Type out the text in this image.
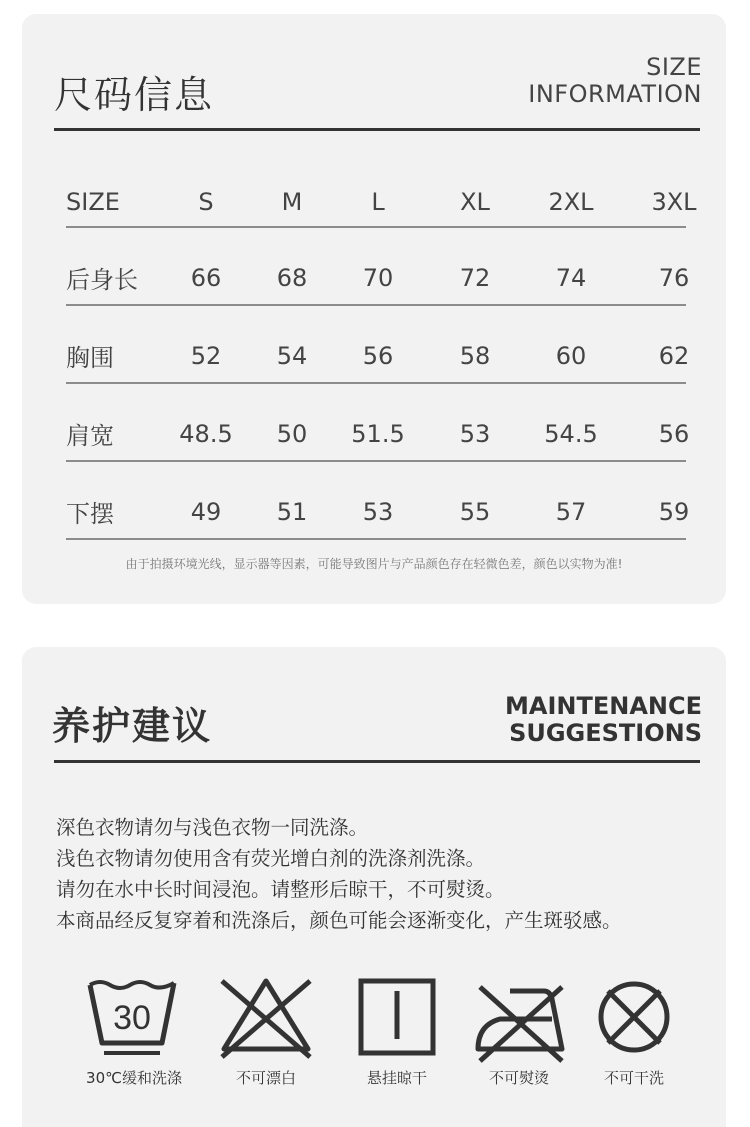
尺码信息
SIZE
INFORMATION
SIZE	S	M	L	XL 2XL 3XL
后身长 66 68 70	72	74	76
胸围	52 54 56	58	60	62
肩宽	48.5 50 51.5 53 54.5	56
下摆	49 51 53	55	57	59
由于拍摄环境光线，显示器等因素，可能导致图片与产品颜色存在轻微色差，颜色以实物为准!
养护建议	MAINTENANCE
SUGGESTIONS
深色衣物请勿与浅色衣物一同洗涤。
浅色衣物请勿使用含有荧光增白剂的洗涤剂洗涤。
请勿在水中长时间浸泡。请整形后晾干，不可熨烫。
本商品经反复穿着和洗涤后，颜色可能会逐渐变化，产生斑驳感。
30
30℃缓和洗涤	不可漂白	悬挂晾干	不可熨烫	不可干洗
